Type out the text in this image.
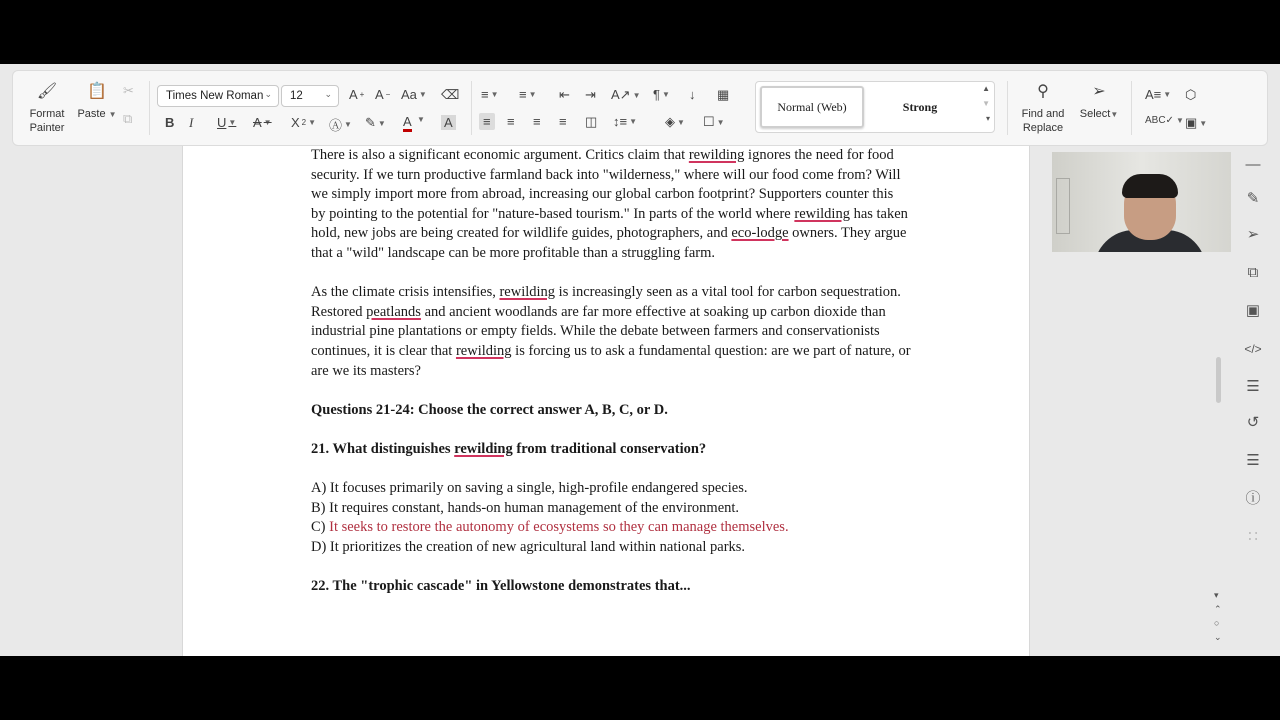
🖌
Format Painter
📋
Paste ▼
✂
⧉
Times New Roman ⌄ 12 ⌄ A + A − Aa ▼ ⌫
B I U ▼ A ▼ X 2 ▼ Ⓐ ▼ ✎ ▼ A ▼ A
≡ ▼ ≡ ▼ ⇤ ⇥ A↗ ▼ ¶ ▼ ↓ ▦
≡	≡ ≡ ≡ ◫ ↕≡ ▼ ◈ ▼ ☐ ▼
Normal (Web)	Strong
▲
▼
▾
⚲
Find and Replace
➢
Select▼
A≡ ▼ ⬡
ABC✓ ▼ ▣ ▼

There is also a significant economic argument. Critics claim that rewilding ignores the need for food security. If we turn productive farmland back into "wilderness," where will our food come from? Will we simply import more from abroad, increasing our global carbon footprint? Supporters counter this by pointing to the potential for "nature-based tourism." In parts of the world where rewilding has taken hold, new jobs are being created for wildlife guides, photographers, and eco-lodge owners. They argue that a "wild" landscape can be more profitable than a struggling farm.

As the climate crisis intensifies, rewilding is increasingly seen as a vital tool for carbon sequestration. Restored peatlands and ancient woodlands are far more effective at soaking up carbon dioxide than industrial pine plantations or empty fields. While the debate between farmers and conservationists continues, it is clear that rewilding is forcing us to ask a fundamental question: are we part of nature, or are we its masters?

Questions 21-24: Choose the correct answer A, B, C, or D.

21. What distinguishes rewilding from traditional conservation?

A) It focuses primarily on saving a single, high-profile endangered species.
B) It requires constant, hands-on human management of the environment.
C) It seeks to restore the autonomy of ecosystems so they can manage themselves.
D) It prioritizes the creation of new agricultural land within national parks.

22. The "trophic cascade" in Yellowstone demonstrates that...

▾
⌃
○
⌄
—
✎
➢
⧉
▣
</>
☰
↺
☰
ⓘ
∷
